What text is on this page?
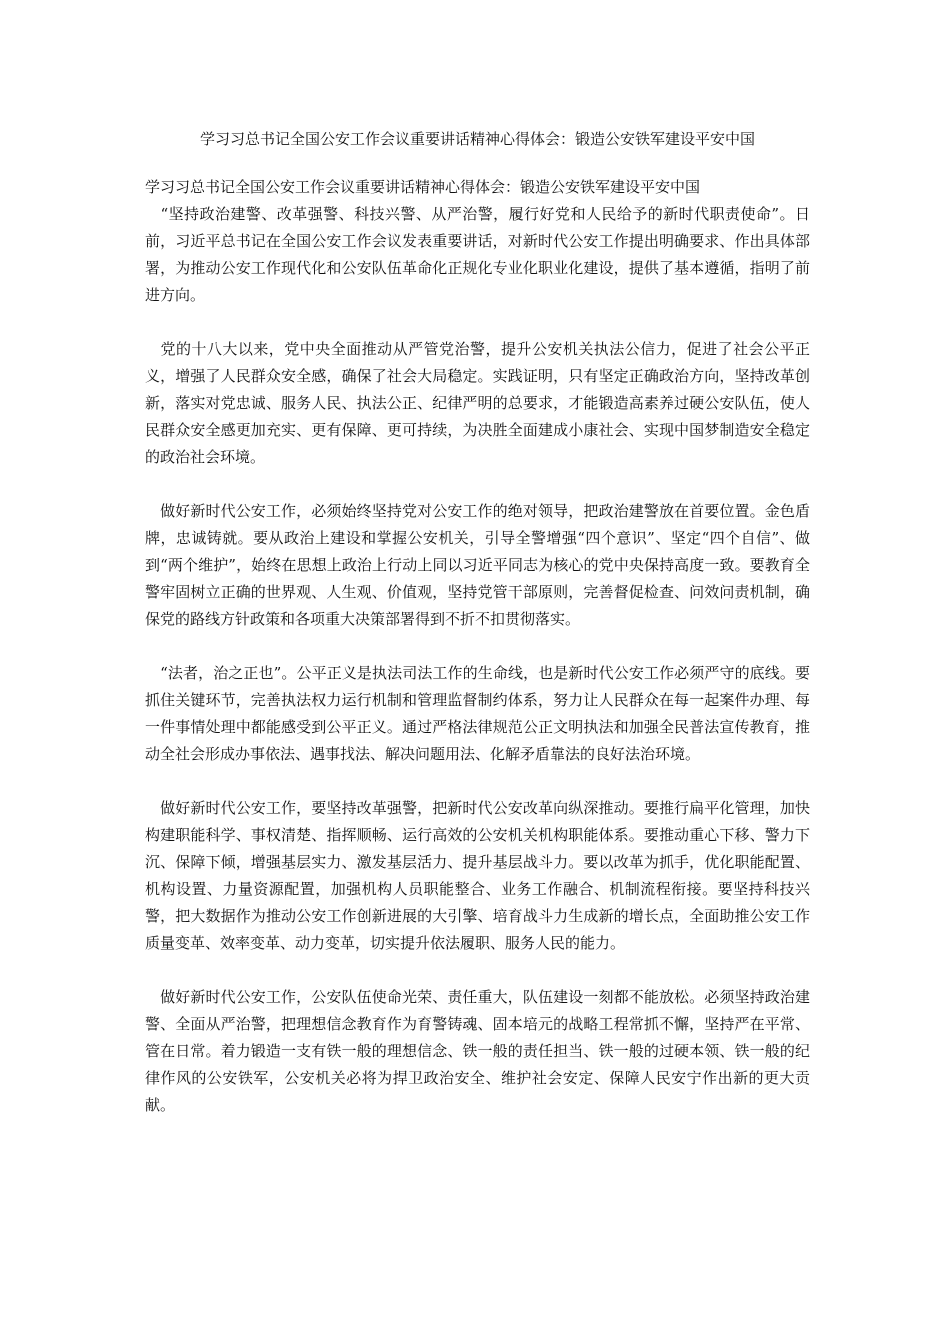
学习习总书记全国公安工作会议重要讲话精神心得体会：锻造公安铁军建设平安中国

学习习总书记全国公安工作会议重要讲话精神心得体会：锻造公安铁军建设平安中国

　“坚持政治建警、改革强警、科技兴警、从严治警，履行好党和人民给予的新时代职责使命”。日前，习近平总书记在全国公安工作会议发表重要讲话，对新时代公安工作提出明确要求、作出具体部署，为推动公安工作现代化和公安队伍革命化正规化专业化职业化建设，提供了基本遵循，指明了前进方向。

　党的十八大以来，党中央全面推动从严管党治警，提升公安机关执法公信力，促进了社会公平正义，增强了人民群众安全感，确保了社会大局稳定。实践证明，只有坚定正确政治方向，坚持改革创新，落实对党忠诚、服务人民、执法公正、纪律严明的总要求，才能锻造高素养过硬公安队伍，使人民群众安全感更加充实、更有保障、更可持续，为决胜全面建成小康社会、实现中国梦制造安全稳定的政治社会环境。

　做好新时代公安工作，必须始终坚持党对公安工作的绝对领导，把政治建警放在首要位置。金色盾牌，忠诚铸就。要从政治上建设和掌握公安机关，引导全警增强“四个意识”、坚定“四个自信”、做到“两个维护”，始终在思想上政治上行动上同以习近平同志为核心的党中央保持高度一致。要教育全警牢固树立正确的世界观、人生观、价值观，坚持党管干部原则，完善督促检查、问效问责机制，确保党的路线方针政策和各项重大决策部署得到不折不扣贯彻落实。

　“法者，治之正也”。公平正义是执法司法工作的生命线，也是新时代公安工作必须严守的底线。要抓住关键环节，完善执法权力运行机制和管理监督制约体系，努力让人民群众在每一起案件办理、每一件事情处理中都能感受到公平正义。通过严格法律规范公正文明执法和加强全民普法宣传教育，推动全社会形成办事依法、遇事找法、解决问题用法、化解矛盾靠法的良好法治环境。

　做好新时代公安工作，要坚持改革强警，把新时代公安改革向纵深推动。要推行扁平化管理，加快构建职能科学、事权清楚、指挥顺畅、运行高效的公安机关机构职能体系。要推动重心下移、警力下沉、保障下倾，增强基层实力、激发基层活力、提升基层战斗力。要以改革为抓手，优化职能配置、机构设置、力量资源配置，加强机构人员职能整合、业务工作融合、机制流程衔接。要坚持科技兴警，把大数据作为推动公安工作创新进展的大引擎、培育战斗力生成新的增长点，全面助推公安工作质量变革、效率变革、动力变革，切实提升依法履职、服务人民的能力。

　做好新时代公安工作，公安队伍使命光荣、责任重大，队伍建设一刻都不能放松。必须坚持政治建警、全面从严治警，把理想信念教育作为育警铸魂、固本培元的战略工程常抓不懈，坚持严在平常、管在日常。着力锻造一支有铁一般的理想信念、铁一般的责任担当、铁一般的过硬本领、铁一般的纪律作风的公安铁军，公安机关必将为捍卫政治安全、维护社会安定、保障人民安宁作出新的更大贡献。
